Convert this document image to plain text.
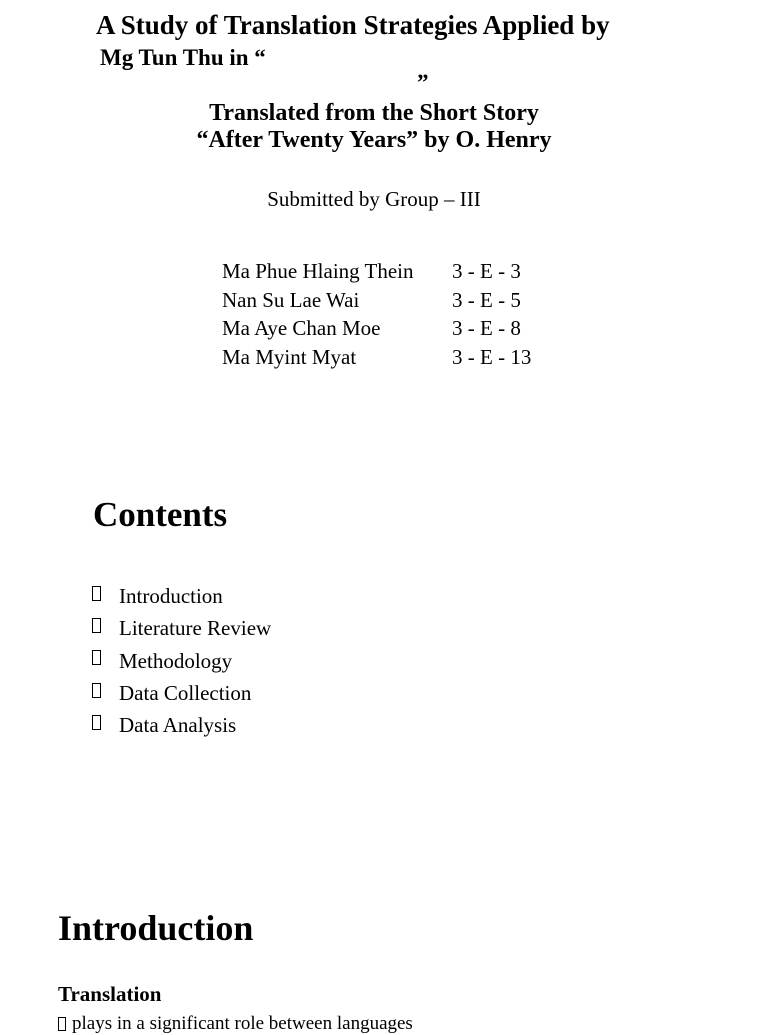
A Study of Translation Strategies Applied by
Mg Tun Thu in “
”
Translated from the Short Story
“After Twenty Years” by O. Henry
Submitted by Group – III
Ma Phue Hlaing Thein	3 - E - 3
Nan Su Lae Wai	3 - E - 5
Ma Aye Chan Moe	3 - E - 8
Ma Myint Myat	3 - E - 13
Contents
Introduction
Literature Review
Methodology
Data Collection
Data Analysis
Introduction
Translation
plays in a significant role between languages
